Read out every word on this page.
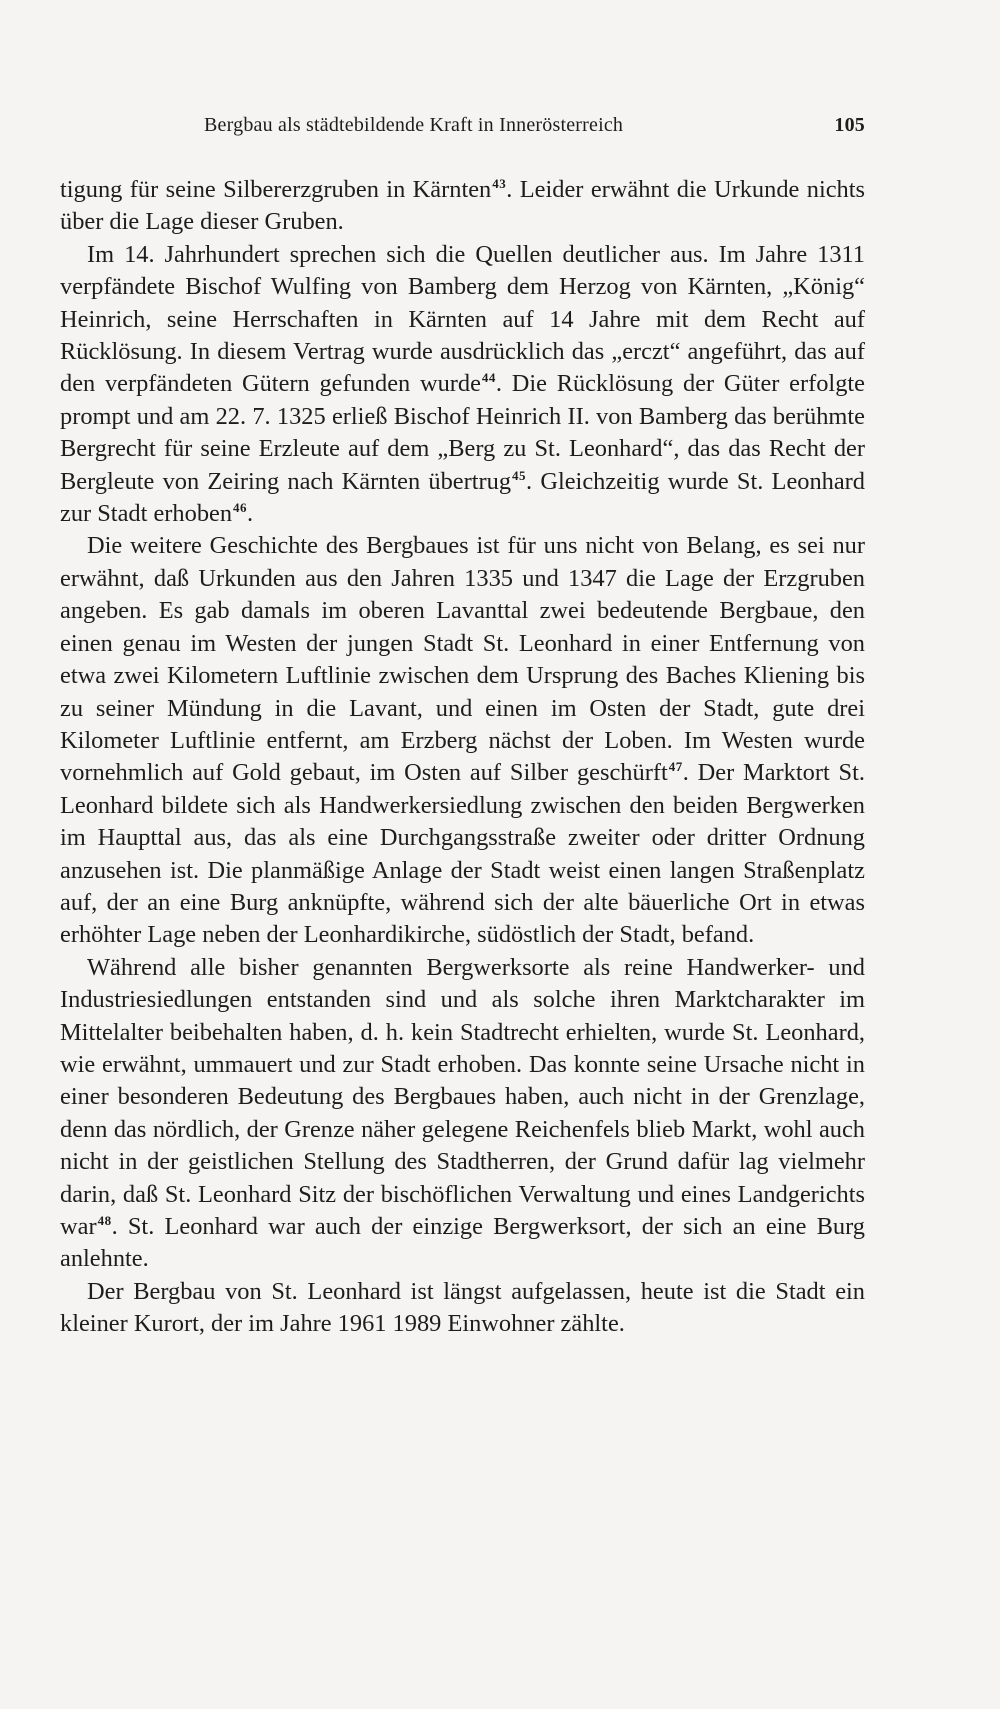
Bergbau als städtebildende Kraft in Innerösterreich	105

tigung für seine Silbererzgruben in Kärnten$^{43}$. Leider erwähnt die Urkunde nichts über die Lage dieser Gruben.

Im 14. Jahrhundert sprechen sich die Quellen deutlicher aus. Im Jahre 1311 verpfändete Bischof Wulfing von Bamberg dem Herzog von Kärnten, „König“ Heinrich, seine Herrschaften in Kärnten auf 14 Jahre mit dem Recht auf Rücklösung. In diesem Vertrag wurde ausdrücklich das „erczt“ angeführt, das auf den verpfändeten Gütern gefunden wurde$^{44}$. Die Rücklösung der Güter erfolgte prompt und am 22. 7. 1325 erließ Bischof Heinrich II. von Bamberg das berühmte Bergrecht für seine Erzleute auf dem „Berg zu St. Leonhard“, das das Recht der Bergleute von Zeiring nach Kärnten übertrug$^{45}$. Gleichzeitig wurde St. Leonhard zur Stadt erhoben$^{46}$.

Die weitere Geschichte des Bergbaues ist für uns nicht von Belang, es sei nur erwähnt, daß Urkunden aus den Jahren 1335 und 1347 die Lage der Erzgruben angeben. Es gab damals im oberen Lavanttal zwei bedeutende Bergbaue, den einen genau im Westen der jungen Stadt St. Leonhard in einer Entfernung von etwa zwei Kilometern Luftlinie zwischen dem Ursprung des Baches Kliening bis zu seiner Mündung in die Lavant, und einen im Osten der Stadt, gute drei Kilometer Luftlinie entfernt, am Erzberg nächst der Loben. Im Westen wurde vornehmlich auf Gold gebaut, im Osten auf Silber geschürft$^{47}$. Der Marktort St. Leonhard bildete sich als Handwerkersiedlung zwischen den beiden Bergwerken im Haupttal aus, das als eine Durchgangsstraße zweiter oder dritter Ordnung anzusehen ist. Die planmäßige Anlage der Stadt weist einen langen Straßenplatz auf, der an eine Burg anknüpfte, während sich der alte bäuerliche Ort in etwas erhöhter Lage neben der Leonhardikirche, südöstlich der Stadt, befand.

Während alle bisher genannten Bergwerksorte als reine Handwerker- und Industriesiedlungen entstanden sind und als solche ihren Marktcharakter im Mittelalter beibehalten haben, d. h. kein Stadtrecht erhielten, wurde St. Leonhard, wie erwähnt, ummauert und zur Stadt erhoben. Das konnte seine Ursache nicht in einer besonderen Bedeutung des Bergbaues haben, auch nicht in der Grenzlage, denn das nördlich, der Grenze näher gelegene Reichenfels blieb Markt, wohl auch nicht in der geistlichen Stellung des Stadtherren, der Grund dafür lag vielmehr darin, daß St. Leonhard Sitz der bischöflichen Verwaltung und eines Landgerichts war$^{48}$. St. Leonhard war auch der einzige Bergwerksort, der sich an eine Burg anlehnte.

Der Bergbau von St. Leonhard ist längst aufgelassen, heute ist die Stadt ein kleiner Kurort, der im Jahre 1961 1989 Einwohner zählte.
